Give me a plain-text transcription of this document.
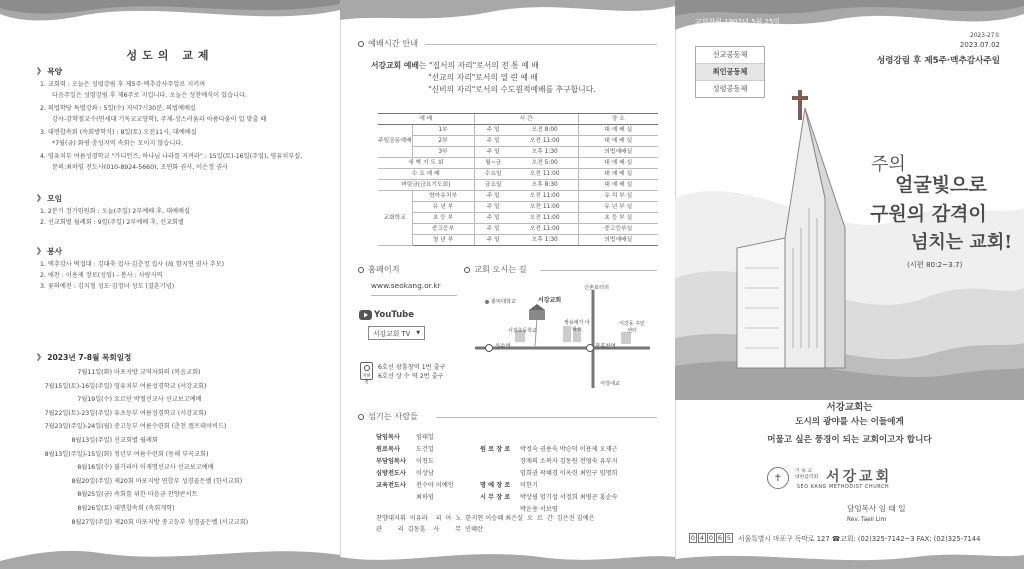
성도의 교제
》 목양
1. 교회력 : 오늘은 성령강림 후 제5주·맥추감사주일로 지키며
다음주일은 성령강림 후 제6주로 지킵니다. 오늘은 성찬예식이 있습니다.
2. 의법학당 특별강좌 : 5일(수) 저녁7시30분, 의법예배실
강사-감학철교수(연세대 기독교교양학), 주제-성스러움과 아름다움이 입 맞출 때
3. 대면합속회 (속회방학식) : 8일(토) 오전11시, 대예배실
*7월(금) 화평·충성지역 속회는 모이지 않습니다.
4. 영유치부 여름성경학교 "가디언즈, 하나님 나라를 지켜라" : 15일(토)-16일(주일), 영유치부실,
문의:최하임 전도사(010-8924-5660), 조연화 권사, 이은정 권사
》 모임
1. 2분기 정기임원회 : 오늘(주일) 2부예배 후, 대예배실
2. 선교회별 월례회 : 9일(주일) 2부예배 후, 선교회별
》 봉사
1. 맥추감사 떡접대 : 김대축 집사·김춘정 집사 (故 함지연 권사 추모)
2. 애찬 : 이용제 장로(성임) - 봉사 : 사랑지역
3. 꽃의예전 : 김지철 성도·김정녀 성도 (결혼기념)
》 2023년 7-8월 목회일정
7월11일(화) 마포지방 교역자회의 (복음교회)
7월15일(토)-16일(주일) 영유치부 여름성경학교 (서강교회)
7월19일(수) 요르단 박철선교사 선교보고예배
7월22일(토)-23일(주일) 유초등부 여름성경학교 (서강교회)
7월23일(주일)-24일(월) 중고등부 여름수련회 (춘천 캠프데이비드)
8월13일(주일) 선교회별 월례회
8월13일(주일)-15일(화) 청년부 여름수련회 (동해 부곡교회)
8월16일(수) 불가리아 이재명선교사 선교보고예배
8월20일(주일) 제20회 마포지방 연합부 성경골든벨 (한서교회)
8월25일(금) 속회를 위한 마음금 찬양콘서트
8월26일(토) 대면합속회 (속회개학)
8월27일(주일) 제20회 마포지방 중고등부 성경골든벨 (서교교회)
예배시간 안내
서강교회 예배는 "집서의 자리"로서의 전 통 예 배
"선교의 자리"로서의 열 린 예 배
"신비의 자리"로서의 수도원적예배를 추구합니다.
예 배		시 간		장 소
주일공동예배	1부	주 일	오전 8:00	대 예 배 실
	2부	주 일	오전 11:00	대 예 배 실
	3부	주 일	오후 1:30	의법예배실
새 벽 기 도 회		월~금	오전 5:00	대 예 배 실
수 요 예 배		수요일	오전 11:00	대 예 배 실
머릿금(금요기도회)		금요일	오후 8:30	대 예 배 실
교회학교	영아유치부	주 일	오전 11:00	유 치 부 실
	유 년 부	주 일	오전 11:00	유 년 부 실
	초 등 부	주 일	오전 11:00	초 등 부 실
	중고등부	주 일	오전 11:00	중고등부실
	청 년 부	주 일	오후 1:30	의법예배실
홈페이지
www.seokang.or.kr
YouTube
서강교회 TV ▼
교회 오시는 길
신촌로터리
홍익대학교	서강교회
서강초등학교
쌍용예가 아파트
서강동 주민센터
상수역	광흥창역
서강대교
지하철
6호선 광흥창역 1번 출구
6호선 상 수 역 2번 출구
섬기는 사람들
담임목사	임태일
원로목사	도건일
부담임목사 이청도
심방전도사 이상남
교육전도사 전수아 이예인
최하임
원 로 장 로 박정숙 권용숙 박승덕 이용제 오재근
장재의 소복자 김동원 전영숙 유부지
임희권 곽혜경 이옥련 최인구 임명희
명 예 장 로 이한기
시 무 장 로 박상필 엄기섭 서정희 최병곤 홍순숙
박운용 서보영
찬양대지휘  이유라    피  아  노  한지연 이승혜 최은실  오  르  간  김은진 김예은
관        리  김동훈    사        무  민혜란
교회창립 1902년 5월 25일
2023-27호
2023.07.02
성령강림 후 제5주·맥추감사주일
선교공동체
최인공동체
성령공동체
주의
얼굴빛으로
구원의 감격이
넘치는 교회!
(시편 80:2~3.7)
서강교회는
도시의 광야를 사는 이들에게
머물고 싶은 풍경이 되는 교회이고자 합니다
✝
기 독 교
대한감리회 서강교회
SEO KANG METHODIST CHURCH
담임목사 임 태 일
Rev. Taeil Lim
0 4 0 6 5 서울특별시 마포구 독막로 127 ☎교회: (02)325-7142~3 FAX: (02)325-7144
